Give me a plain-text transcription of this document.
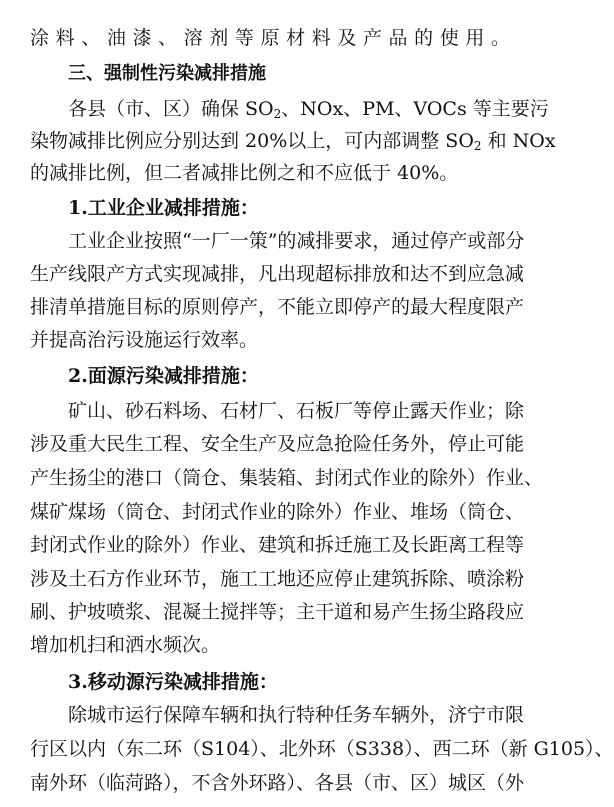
涂料、油漆、溶剂等原材料及产品的使用。
三、强制性污染减排措施
各县（市、区）确保 $SO_2$、NOx、PM、VOCs 等主要污
染物减排比例应分别达到 20%以上，可内部调整 $SO_2$ 和 NOx
的减排比例，但二者减排比例之和不应低于 40%。
1.工业企业减排措施：
工业企业按照“一厂一策”的减排要求，通过停产或部分
生产线限产方式实现减排，凡出现超标排放和达不到应急减
排清单措施目标的原则停产，不能立即停产的最大程度限产
并提高治污设施运行效率。
2.面源污染减排措施：
矿山、砂石料场、石材厂、石板厂等停止露天作业；除
涉及重大民生工程、安全生产及应急抢险任务外，停止可能
产生扬尘的港口（筒仓、集装箱、封闭式作业的除外）作业、
煤矿煤场（筒仓、封闭式作业的除外）作业、堆场（筒仓、
封闭式作业的除外）作业、建筑和拆迁施工及长距离工程等
涉及土石方作业环节，施工工地还应停止建筑拆除、喷涂粉
刷、护坡喷浆、混凝土搅拌等；主干道和易产生扬尘路段应
增加机扫和洒水频次。
3.移动源污染减排措施：
除城市运行保障车辆和执行特种任务车辆外，济宁市限
行区以内（东二环（S104）、北外环（S338）、西二环（新 G105）、
南外环（临菏路），不含外环路）、各县（市、区）城区（外
